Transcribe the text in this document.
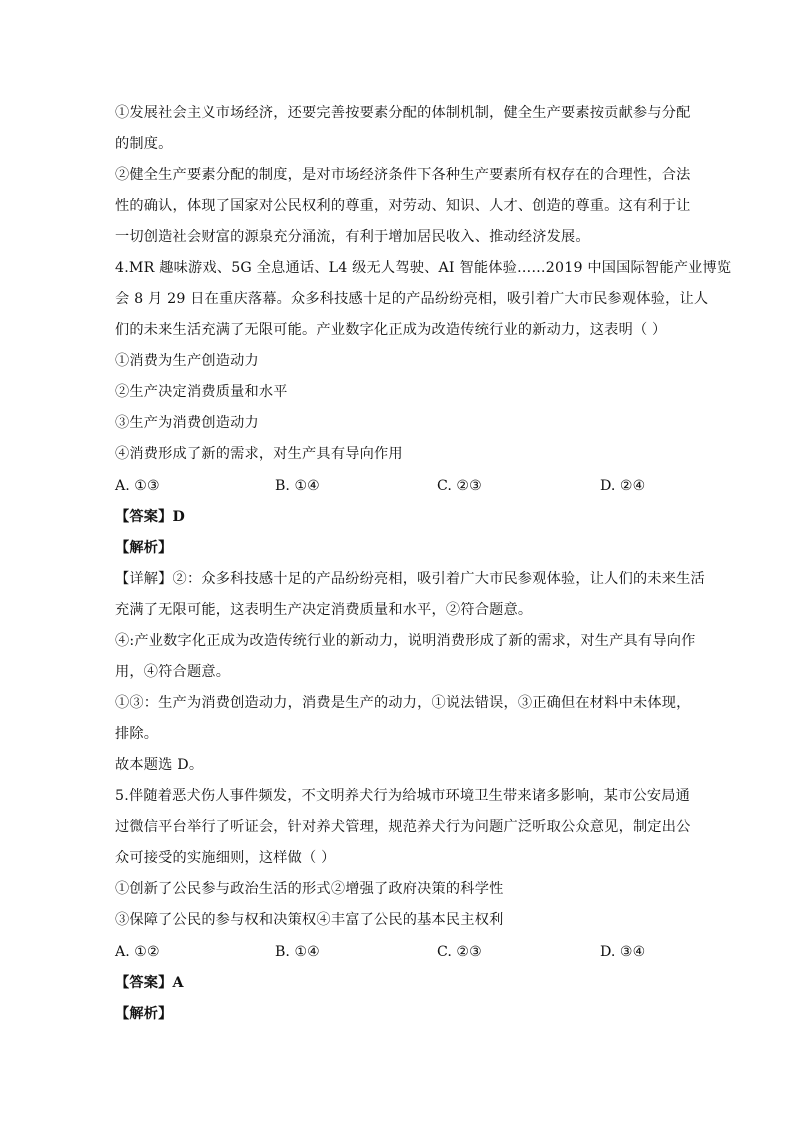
①发展社会主义市场经济，还要完善按要素分配的体制机制，健全生产要素按贡献参与分配
的制度。
②健全生产要素分配的制度，是对市场经济条件下各种生产要素所有权存在的合理性，合法
性的确认，体现了国家对公民权利的尊重，对劳动、知识、人才、创造的尊重。这有利于让
一切创造社会财富的源泉充分涌流，有利于增加居民收入、推动经济发展。
4.MR 趣味游戏、5G 全息通话、L4 级无人驾驶、AI 智能体验……2019 中国国际智能产业博览
会 8 月 29 日在重庆落幕。众多科技感十足的产品纷纷亮相，吸引着广大市民参观体验，让人
们的未来生活充满了无限可能。产业数字化正成为改造传统行业的新动力，这表明（ ）
①消费为生产创造动力
②生产决定消费质量和水平
③生产为消费创造动力
④消费形成了新的需求，对生产具有导向作用
A. ①③	B. ①④	C. ②③	D. ②④
【答案】D
【解析】
【详解】②：众多科技感十足的产品纷纷亮相，吸引着广大市民参观体验，让人们的未来生活
充满了无限可能，这表明生产决定消费质量和水平，②符合题意。
④:产业数字化正成为改造传统行业的新动力，说明消费形成了新的需求，对生产具有导向作
用，④符合题意。
①③：生产为消费创造动力，消费是生产的动力，①说法错误，③正确但在材料中未体现，
排除。
故本题选 D。
5.伴随着恶犬伤人事件频发，不文明养犬行为给城市环境卫生带来诸多影响，某市公安局通
过微信平台举行了听证会，针对养犬管理，规范养犬行为问题广泛听取公众意见，制定出公
众可接受的实施细则，这样做（ ）
①创新了公民参与政治生活的形式②增强了政府决策的科学性
③保障了公民的参与权和决策权④丰富了公民的基本民主权利
A. ①②	B. ①④	C. ②③	D. ③④
【答案】A
【解析】
